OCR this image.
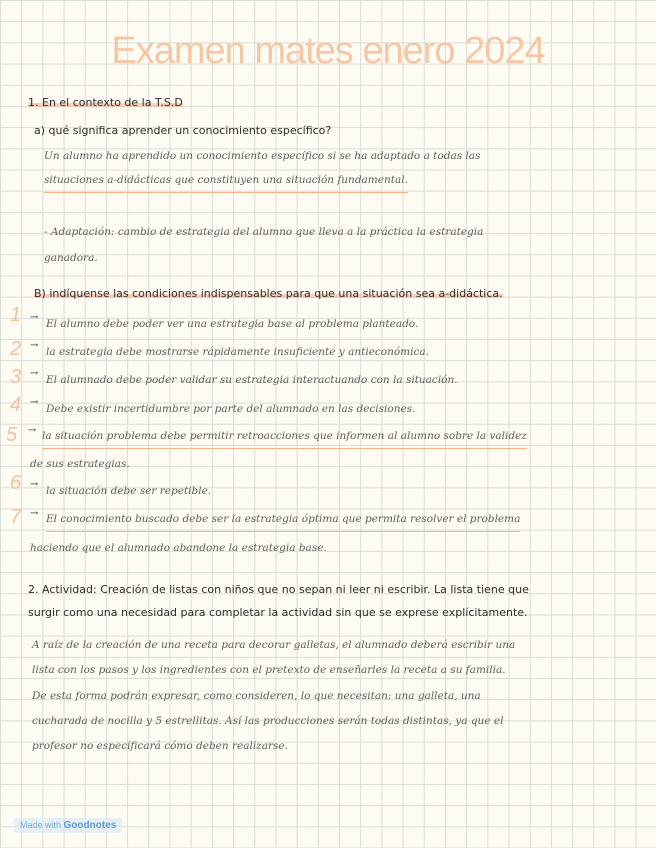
Examen mates enero 2024
1. En el contexto de la T.S.D
a) qué significa aprender un conocimiento específico?
Un alumno ha aprendido un conocimiento específico si se ha adaptado a todas las
situaciones a-didácticas que constituyen una situación fundamental.
- Adaptación: cambio de estrategia del alumno que lleva a la práctica la estrategia
ganadora.
B) indíquense las condiciones indispensables para que una situación sea a-didáctica.
1 →
El alumno debe poder ver una estrategia base al problema planteado.
2 →
la estrategia debe mostrarse rápidamente insuficiente y antieconómica.
3 →
El alumnado debe poder validar su estrategia interactuando con la situación.
4 →
Debe existir incertidumbre por parte del alumnado en las decisiones.
5 → la situación problema debe permitir retroacciones que informen al alumno sobre la validez
de sus estrategias.
6 →
la situación debe ser repetible.
7 → El conocimiento buscado debe ser la estrategia óptima que permita resolver el problema
haciendo que el alumnado abandone la estrategia base.
2. Actividad: Creación de listas con niños que no sepan ni leer ni escribir. La lista tiene que
surgir como una necesidad para completar la actividad sin que se exprese explícitamente.
A raíz de la creación de una receta para decorar galletas, el alumnado deberá escribir una
lista con los pasos y los ingredientes con el pretexto de enseñarles la receta a su familia.
De esta forma podrán expresar, como consideren, lo que necesitan: una galleta, una
cucharada de nocilla y 5 estrellitas. Así las producciones serán todas distintas, ya que el
profesor no especificará cómo deben realizarse.
Made with Goodnotes
